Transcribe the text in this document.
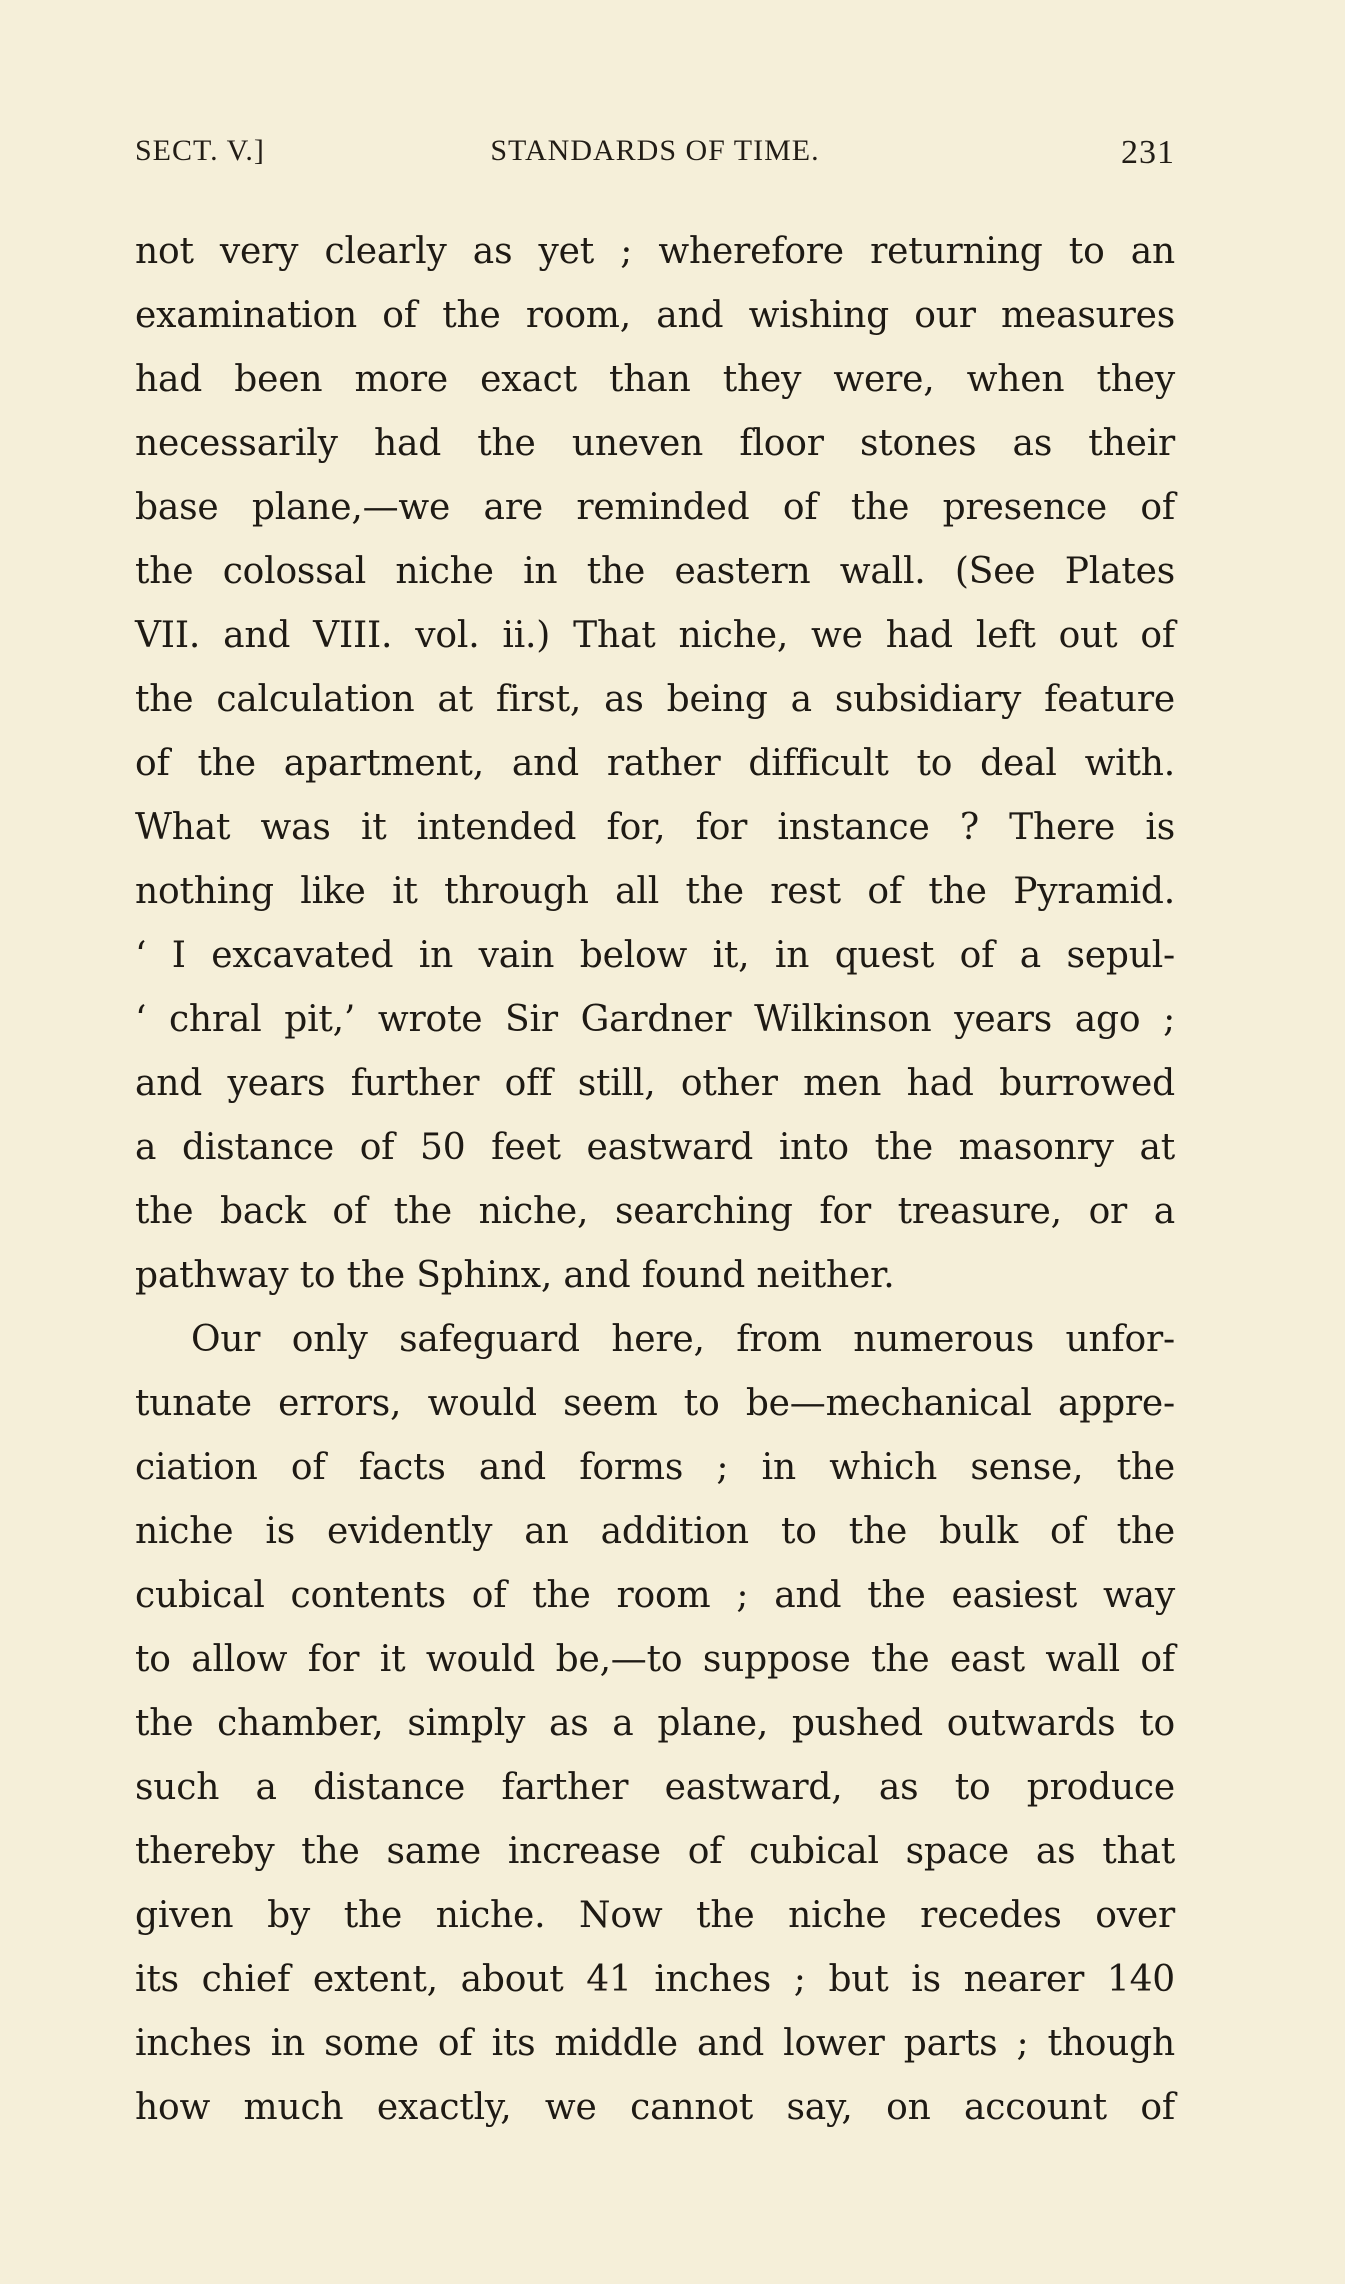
SECT. V.]	STANDARDS OF TIME.	231
not very clearly as yet ; wherefore returning to an
examination of the room, and wishing our measures
had been more exact than they were, when they
necessarily had the uneven floor stones as their
base plane,—we are reminded of the presence of
the colossal niche in the eastern wall. (See Plates
VII. and VIII. vol. ii.) That niche, we had left out of
the calculation at first, as being a subsidiary feature
of the apartment, and rather difficult to deal with.
What was it intended for, for instance ? There is
nothing like it through all the rest of the Pyramid.
‘ I excavated in vain below it, in quest of a sepul-
‘ chral pit,’ wrote Sir Gardner Wilkinson years ago ;
and years further off still, other men had burrowed
a distance of 50 feet eastward into the masonry at
the back of the niche, searching for treasure, or a
pathway to the Sphinx, and found neither.
Our only safeguard here, from numerous unfor-
tunate errors, would seem to be—mechanical appre-
ciation of facts and forms ; in which sense, the
niche is evidently an addition to the bulk of the
cubical contents of the room ; and the easiest way
to allow for it would be,—to suppose the east wall of
the chamber, simply as a plane, pushed outwards to
such a distance farther eastward, as to produce
thereby the same increase of cubical space as that
given by the niche. Now the niche recedes over
its chief extent, about 41 inches ; but is nearer 140
inches in some of its middle and lower parts ; though
how much exactly, we cannot say, on account of
